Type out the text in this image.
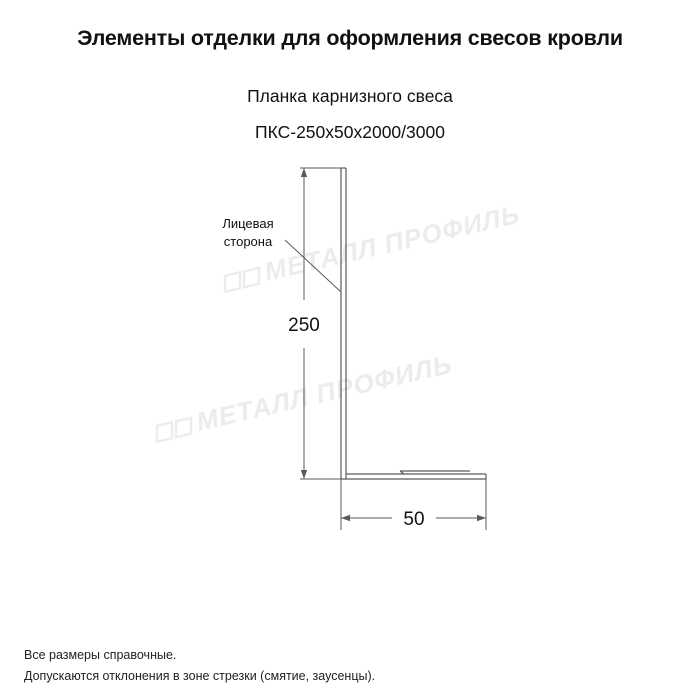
Элементы отделки для оформления свесов кровли
Планка карнизного свеса
ПКС-250х50х2000/3000
◻◻МЕТАЛЛ ПРОФИЛЬ
◻◻МЕТАЛЛ ПРОФИЛЬ
250
50
Лицевая
сторона
Все размеры справочные.
Допускаются отклонения в зоне стрезки (смятие, заусенцы).
